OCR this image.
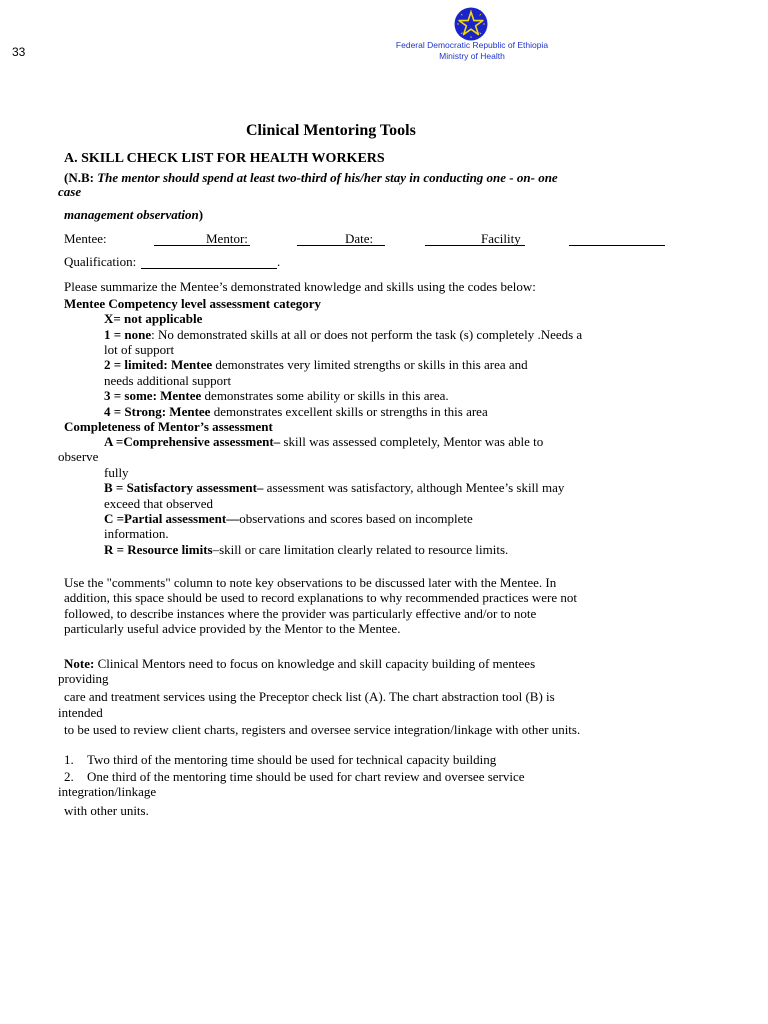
33	Federal Democratic Republic of Ethiopia
Ministry of Health
Clinical Mentoring Tools
A. SKILL CHECK LIST FOR HEALTH WORKERS
(N.B: The mentor should spend at least two-third of his/her stay in conducting one - on- one
case
management observation)
Mentee:	Mentor:	Date:	Facility
Qualification:	.
Please summarize the Mentee’s demonstrated knowledge and skills using the codes below:
Mentee Competency level assessment category
X= not applicable
1 = none: No demonstrated skills at all or does not perform the task (s) completely .Needs a
lot of support
2 = limited: Mentee demonstrates very limited strengths or skills in this area and
needs additional support
3 = some: Mentee demonstrates some ability or skills in this area.
4 = Strong: Mentee demonstrates excellent skills or strengths in this area
Completeness of Mentor’s assessment
A =Comprehensive assessment– skill was assessed completely, Mentor was able to
observe
fully
B = Satisfactory assessment– assessment was satisfactory, although Mentee’s skill may
exceed that observed
C =Partial assessment—observations and scores based on incomplete
information.
R = Resource limits–skill or care limitation clearly related to resource limits.
Use the "comments" column to note key observations to be discussed later with the Mentee. In
addition, this space should be used to record explanations to why recommended practices were not
followed, to describe instances where the provider was particularly effective and/or to note
particularly useful advice provided by the Mentor to the Mentee.
Note: Clinical Mentors need to focus on knowledge and skill capacity building of mentees
providing
care and treatment services using the Preceptor check list (A). The chart abstraction tool (B) is
intended
to be used to review client charts, registers and oversee service integration/linkage with other units.
1. Two third of the mentoring time should be used for technical capacity building
2. One third of the mentoring time should be used for chart review and oversee service
integration/linkage
with other units.
